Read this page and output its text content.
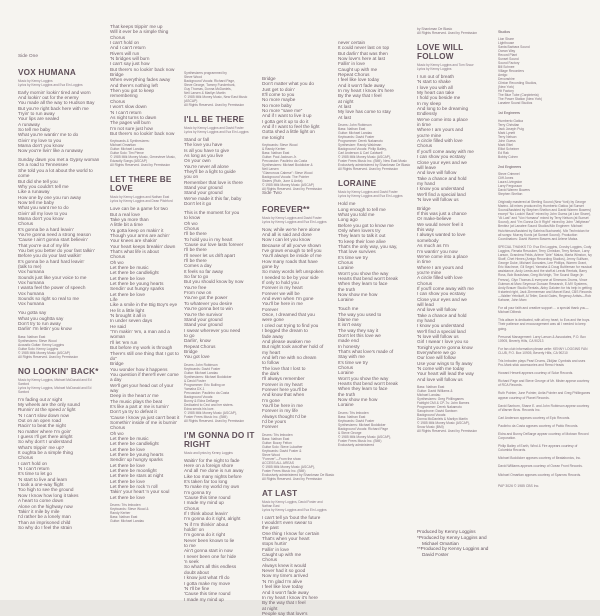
Side One
VOX HUMANA
Music by Kenny Loggins
Lyrics by Kenny Loggins and Eva Ein Loggins
Early mornin' lookin' tired and worn
And lookin' out for the enemy
You made all the way to Hudson Bay
But you're right back here with me
Tryin' to run away
Your lips are sealed
A runaway
So tell me baby
What you're wantin' me to do
Givin' my love to you
Mama don't you know
Now you're livin' like a runaway
Sunday dawn you met a Gypsy woman
On a road to Tennessee
She told you a lot about the world to come
But did she tell you
Why you couldn't tell me
Like a runaway
How one by one you run away
Now tell me baby
What you want me to do
Givin' all my love to you
Mama don't you know
Chorus
It's gonna be a hard leavin'
You're gonna need a strong reason
'Cause I ain't gonna start believin'
That you're out of my life
You bet you better do your fast talkin'
Before you do your last walkin'
It's gonna be a hard hard leavin'
(talk to me)
Vox humana
Sounds just like your voice to me
Vox humana
I wanta feel the power of speech
Vox humana
Sounds so right so real to me
Vox humana
You gotta say
What you oughtta say
Don't try to run away
Darlin' I'm lettin' you know
Bass: Nathan East
Synthesizers: Steve Wood
Acoustic Guitar: Kenny Loggins
Guitar Solo: Kenny Loggins
© 1985 Milk Money Music (ASCAP)
All Rights Reserved. Used by Permission
NO LOOKIN' BACK*
Music by Kenny Loggins, Michael McDonald and Ed Sanford
Lyrics by Kenny Loggins, Michael McDonald and Ed Sanford
I'm fading out a' sight
My wheels are the only sound
Runnin' at the speed a' light
'N I can't slow down now
Out on an open road
Racin' to beat the night
No matter where I'm goin'
I guess I'll get there alright
So why don't I understand
What's trippin' me up?
It oughta be a simple thing
Chorus
I can't hold on
'N I can't return
It's time to let go
'N start to live and learn
I took a one-way flight
Too high to see the ground
Now I know how long it takes
A heart to come down
Alone on the highway now
Takin' it mile by mile
I'd rather be a lonely man
Than an imprisoned child
So why do I feel the strain
That keeps trippin' me up
Will it ever be a simple thing
Chorus
I can't hold on
And I can't return
Rivers will run
'N bridges will burn
I can't say just how
But there's no lookin' back now
Bridge
When everything fades away
And there's nothing left
Then you got to keep remembering
Chorus
I won't slow down
'N I can't return
As night turns to dawn
The pages will burn
I'm not sure just how
But there's no lookin' back now
Keyboards & Synthesizers:
Michael Omartian
Guitar: Michael Landau
Guitar Solo: Tim Pierce
© 1985 Milk Money Music, Genevieve Music,
Edzactly Songs (ASCAP)
All Rights Reserved. Used by Permission
LET THERE BE LOVE
Music by Kenny Loggins and Nathan East
Lyrics by Kenny Loggins and Dean Pitchford
Love can be a game for two
But a real love
Take ya more than
A little bit a time
Ya gotta keep on makin' it
Though your arms are achin'
Your knees are shakin'
Your heart keeps breakin' down
That's what life is about
Chorus
Oh wo
Let there be music
Let there be candlelight
Let there be love
Let there be young hearts
Sendin' out hungry sparks
Let there be love
Life
Like a smile in the Big Boy's eye
He lit a little light
'N brought it all in
In under seven days
He said
"I'm makin' 'em, a man and a woman
I'll let 'em run
But before my work is through
There's still one thing that I got to do"
Bridge
You wonder how it happens
You question if there'll ever come a day
We'll get your head out of your way
Deep in the heart a' me
The music plays the beat
It's like a part a' me is turnin'
Don't ya try to defeat it
'Cause I know ya just can't beat it
Somethin' inside of me is burnin'
Chorus
Oh wo
Let there be music
Let there be candlelight
Let there be love
Let there be young hearts
Sendin' up hungry sparks
Let there be love
Let there be moonlight
Let there be stars at night
Let there be love
Let there be rock 'n roll
Takin' your heart 'n your soul
Let there be love
Drums: Tris Imboden
Keyboards: Steve Wood &
Randy Kerber
Bass: Nathan East
Guitar: Michael Landau
Synthesizers programmed by
Steve Wood
Background Vocals: Richard Page,
Steve George, Tommy Funderburk,
Guy Thomas, Donna McDaniels,
Neil Larsen & Marilyn Martin
© 1985 Milk Money Music, New East Music (ASCAP)
All Rights Reserved. Used by Permission
I'LL BE THERE
Music by Kenny Loggins and David Foster
Lyrics by Kenny Loggins and Eva Ein Loggins
Stand or fall
The love you have
Is all you have to give
As long as you live
On your own
You're never all alone
They'll be a light to guide
you on
Remember that love is there
Stand your ground
Stand your ground
We've made it this far, baby
Don't let it go
This is the moment for you
to know
Oh wo
Chorus
I'll be there
To hold you in my heart
'Cause our love lasts forever
I'll be there
I'll never let us drift apart
I'll be there
Comes a day
It feels so far away
So far to go
But you should know by now
You're free
From now on
You've got the power
To whatever you desire
You're gonna bet to win
You're the survivor
Stand your ground
Stand your ground
I swear wherever you need
to go
Darlin', know
Repeat Chorus
Bridge
You got love
Drums: John Robinson
Keyboards: David Foster
Guitar: Michael Landau
Synthesizers: Michael Boddicker
& David Foster
Programmer: Eric Bulling on
Yamaha DX-1
Percussion: Paulinho da Costa
Background Vocals:
Bunny & Eldra DeBarge
Dedicated to Ceci and her sisters.
Edna sends his love.
© 1985 Milk Money Music (ASCAP),
Foster Frees Music Inc. (BMI)
All Rights Reserved. Used by Permission
I'M GONNA DO IT RIGHT
Music and lyrics by Kenny Loggins
Waitin' for the night to fade
Here on a foreign shore
And all I've done is run away
Like too many nights before
It's taken far too long
To make my world my own
I'm gonna try
'Cause this time round
I made my mind up
Chorus
If I think about leavin'
I'm gonna do it right, alright
'N if I'm thinkin' about
holdin' on
I'm gonna do it right
Never been known to lie
to me
Ain't gonna start in now
I never been one for hide
'n seek
So what's all this endless
doubt about
I know just what I'll do
I gotta make my move
'N I'll be fine
'Cause this time round
I made my mind up
Bridge
Don't matter what you do
Just get to doin'
It'll come to you
No more maybe
No more baby
No more "save me"
And if I want to live it up
I gotta get it up to do it
And if I want to feel the light
Gotta shed a little light on
me tonight
Keyboards: Steve Wood
& Randy Kerber
Bass: Nathan East
Guitar: Paul Jackson Jr.
Percussion: Paulinho da Costa
Synthesizers: Michael Boddicker &
Neil Larsen
"Glamorous Cabese": Steve Wood
Background Vocals: The Pointer
Sisters (Ruth, June & Anita)
© 1985 Milk Money Music (ASCAP)
All Rights Reserved. Used by Permission
Side Two
FOREVER**
Music by Kenny Loggins and David Foster
Lyrics by Kenny Loggins and Eva Ein Loggins
Now, while we're here alone
And all is said and done
Now I can let you know
Because of all you've shown
I've grown enough to tell you
You'll always be inside of me
How many roads that have
gone by
So many words left unspoken
I needed to be by your side
If only to hold you
Forever in my heart
Forever we will be
And even when I'm gone
You'll be here in me
Forever
Once, I dreamed that you
were gone
I cried out trying to find you
I begged the dream to
fade away
And please awaken me
But night took another hold of
my heart
And left me with no dream
to follow
The love that I lost to
the dark
I'll always remember
Forever in my heart
Forever here you'll be
And know that when
I'm gone
You'll be here in me
Forever in my life
Always thought I'd be
I'd be yours
Forever
Drums: Tris Imboden
Bass: Nathan East
Guitar: Buzzy Feiton
Guitar Solo: Steve Lukather
Keyboards: David Foster &
Steve Wood
"Forever"—From the show
ACCESS ALL AREAS
© 1985 Milk Money Music (ASCAP),
Foster Frees Music Inc. (BMI)
Exclusively administered by Shankman De Blasio
All Rights Reserved. Used by Permission
AT LAST
Music by Kenny Loggins, David Foster and
Nathan East
Lyrics by Kenny Loggins and Eva Ein Loggins
I can't tell ya 'bout the future
I wouldn't even swear to
the past
One thing I know for certain
That's when your heart
stops hurtin'
Fallin' in love
Caught up with me
Chorus
Always knew it would
Never had it so good
Now my time's arrived
'N I'm glad I'm alive
I feel like love today
And it won't fade away
In my heart I know it's here
By the way that I feel
at night
People say that love's
never certain
It could never last on top
But darlin' that was then
Now love's here at last
Fallin' in love
Caught up with me
Repeat Chorus
I feel like love today
And it won't fade away
In my heart I know it's here
By the way that I feel
at night
At last
My love has come to stay
At last
Drums: John Robinson
Bass: Nathan East
Guitar: Michael Landau
Keyboards: David Foster
Programmer: Derek Nakamoto
Synthesizer: Randy Waldman
Background Vocals: Philip Bailey,
Carl Anderson & Carl Caldwell
© 1985 Milk Money Music (ASCAP),
Foster Frees Music Inc. (BMI), New East Music
Exclusively administered by Shankman De Blasio
All Rights Reserved. Used by Permission
LORAINE
Music by Kenny Loggins and David Foster
Lyrics by Kenny Loggins and Eva Ein Loggins
Hold me
Long enough to tell me
What you told me
Long ago
Before you got to know me
Only when lovers try
They learn to talk it out
To keep their love alive
That's the only way, you say,
That love survives
It's time we try
Chorus
Loraine
Won't you show the way
Hearts that bend won't break
When they learn to face
the truth
Now show me how
Loraine
Touch me
The way you used to
blame me
It isn't easy
The way they say it
Don't let this love we
made end
In honesty
That's what love's made of
Stay with me
It's time we try
Chorus
Loraine
Won't you show the way
Hearts that bend won't break
When they learn to face
the truth
Now show me how
Loraine
Drums: Tris Imboden
Bass: Nathan East
Keyboards: David Foster
Synthesizers: Michael Boddicker
Background Vocals: Richard Page
& Steve George
© 1985 Milk Money Music (ASCAP),
Foster Frees Music Inc. (BMI)
Exclusively administered
by Shankman De Blasio
All Rights Reserved. Used by Permission
LOVE WILL FOLLOW
Music by Kenny Loggins and Tom Snow
Lyrics by Kenny Loggins
I run out of breath
'N start to shake
I love you with all
My heart can take
I hold you beside me
In my sleep
And long to be dreaming
Endlessly
We've come into a place
in time
Where I am yours and
you're mine
A circle filled with love
Chorus
If you'll come away with me
I can show you ecstasy
Close your eyes and we
will leave
And love will follow
Take a chance and hold
my hand
I know you understand
We'll find a special land
'N love will follow us
Bridge
If this was just a chance
Or make-believe
We would never feel it
this way
I always wanted to love
somebody
As much as I'm
I'm wantin' you now
We've come into a place
in time
Where I am yours and
you're mine
A circle filled with love
Chorus
If you'll come away with me
I can show you ecstasy
Close your eyes and we
will lead
And love will follow
Take a chance and hold
my hand
I know you understand
We'll find a special land
'N love will follow us
Girl I swear I love you so
Tonight you're gonna know
Everywhere we go
Our love will follow
Use your wings to fly away
'N come with me today
Your heart will lead the way
And love will follow us
Bass: Nathan East
Guitar: David Williams &
Michael Landau
Synthesizers: Greg Phillinganes
Fairlight CMI & CP-7s: John Barnes
Programmer: Derek Nakamoto
Saxophone: David Sanborn
Background Vocals:
Donna McDaniels & Marilyn Martin
© 1985 Milk Money Music (ASCAP),
Snow Music (BMI)
All Rights Reserved. Used by Permission
Produced by Kenny Loggins
*Produced by Kenny Loggins and Michael Omartian
**Produced by Kenny Loggins and David Foster
Studios
Lion Share
Lighthouse
Santa Barbara Sound
Ocean Way
Record Plant
Sunset Sound
Sound Factory
Bill Schnee
Village Recorders
Amigo
Devonshire
Clinton Recording Studios,
(New York)
Hit Factory
The Blue Tube (Carpinteria)
The Power Station (New York)
Lanatee Sound Studios
1st Engineers
Humberto Gatica
Terry Christian
Jack Joseph Puig
Mark Lynett
Terry Nelson
John Guess
Mark Ettel
Elliot Scheiner
Ed Rak
Bobby Cohen
2nd Engineers
Steve Crimmel
Cliff Jones
Laura Livingston
Larry Fergusson
David Warren Bowers
Stephen Shelton
Originally mastered at Sterling Sound (New York) by George Marino. All mixes produced by Humberto Gatica (at Sunset Sound/Assisted by Stephen Shelton and David Warren Bowers) except "No Lookin' Back" mixed by John Guess (at Lion Share), "At Last" and "Vox Humana" mixed by Terry Nelson (at Sunset Sound), and "I'm Gonna Do It Right" mixed by John "Jellybean" Benitez (at Lanatee Sound Studios/Mix Engineer: Michael Hutchinson/Assisted by Sabrina Buchanek). Mix Technician for all songs: Murray Kunis (at Sunset Sound). Production Coordinators: David Warren Bowers and Arlene Matza.
SPECIAL THANKS TO: Eva Ein Loggins, Crosby Loggins, Cody Loggins, Renata Resouker, Terry Christian, Terry Nelson, Larry Larson, Grandma Felds, Arlene "Arie" Matza, Marta Winston, Ivy Skoff, Chet Himes (Amigo Recording Studios), Jenny Sullivan, George Duke, Michael Gonzales, Lee Phillips, Warren Grant, Eric MacInroe, Gil Segel, Yamaha & Doug Buttleman for musical assistance, Andy Leeds and the staff at Leeds Rentals, Barry Ross, Bob Bradshaw, Greg McVeigh, The Sound Stage (in Fresno), Glyn Thomas & everyone at Simmons Drums, Vince Gutman at Marc Seymour Duncan Research, E-MV Systems, Andy Brauer Studio Rentals, Abby Galuten for his help in getting it started right, Jack Zimmerman and Marcel East, CBS Records—Walter Yetnikoff, Al Teller, David Gales, Regency Artists—Rob Kahane, John Marx
For all your faith and creative support ... a special thank you— Michael Dilbeck
This album is dedicated, with all my heart, to Eva and the boys. Their patience and encouragement was all I needed to keep going.
Personal Management: Larry Larson & Associates, P.O. Box 10905, Beverly Hills, CA 90213
For fan club information please write: KENNY LOGGINS FAN CLUB, P.O. Box 10905, Beverly Hills, CA 90210
Tris Imboden plays Pearl Drums, Zildjian Cymbals and uses Pro-Mark stick accessories and Remo Heads
Howard Hewett appears courtesy of Solar Records.
Richard Page and Steve George of Mr. Mister appear courtesy of RCA Records.
Ruth Pointer, June Pointer, Anita Pointer and Greg Phillinganes appear courtesy of Planet Records.
David Sanborn, Shane E. and John Robinson appear courtesy of Warner Bros. Records Inc.
Carl Anderson appears courtesy of Epic Records.
Paulinho da Costa appears courtesy of Pablo Records.
Eldra and Bunny DeBarge appear courtesy of Motown Record Corporation.
Philip Bailey of Earth, Wind & Fire appears courtesy of Columbia Records.
Michael Boddicker appears courtesy of Beatabonics, Inc.
David Williams appears courtesy of Ocean Front Records.
Michael Omartian appears courtesy of Sparrow Records.
PAP 3026 © 1985 CBS Inc.
